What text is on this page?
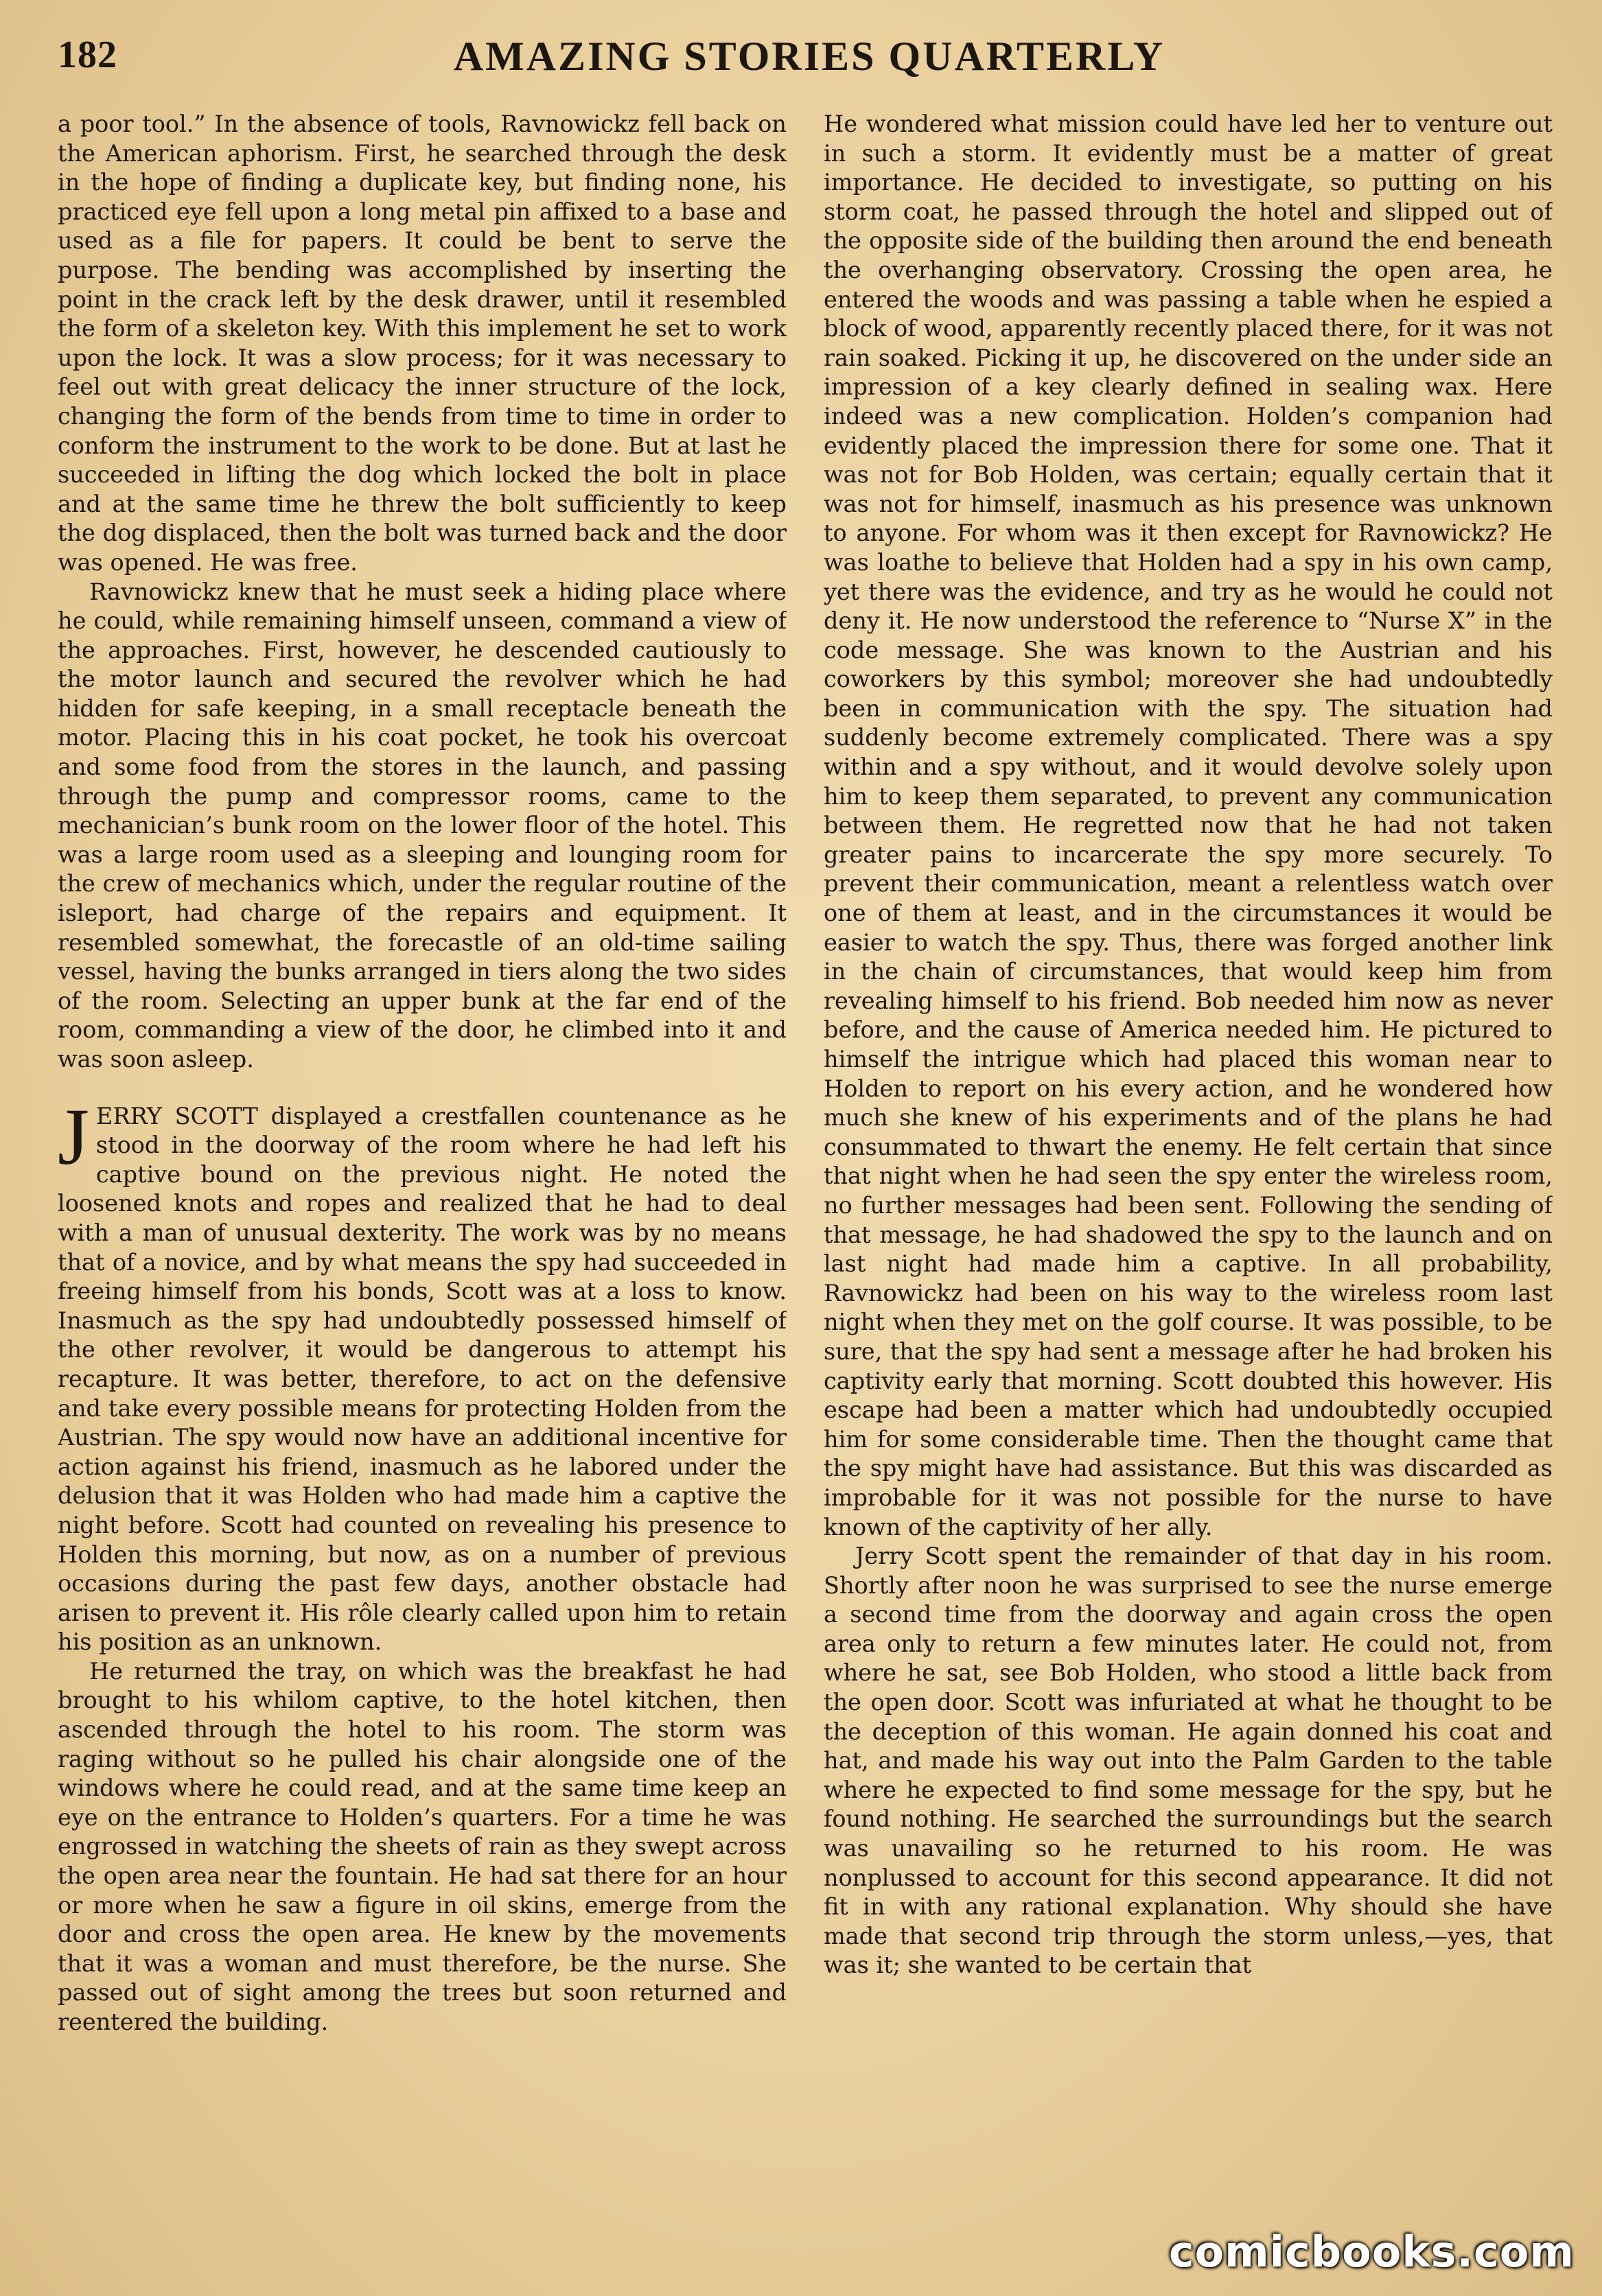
182	AMAZING STORIES QUARTERLY

a poor tool.” In the absence of tools, Ravnowickz fell back on the American aphorism. First, he searched through the desk in the hope of finding a duplicate key, but finding none, his practiced eye fell upon a long metal pin affixed to a base and used as a file for papers. It could be bent to serve the purpose. The bending was accomplished by inserting the point in the crack left by the desk drawer, until it resembled the form of a skeleton key. With this implement he set to work upon the lock. It was a slow process; for it was necessary to feel out with great delicacy the inner structure of the lock, changing the form of the bends from time to time in order to conform the instrument to the work to be done. But at last he succeeded in lifting the dog which locked the bolt in place and at the same time he threw the bolt sufficiently to keep the dog displaced, then the bolt was turned back and the door was opened. He was free.

Ravnowickz knew that he must seek a hiding place where he could, while remaining himself unseen, command a view of the approaches. First, however, he descended cautiously to the motor launch and secured the revolver which he had hidden for safe keeping, in a small receptacle beneath the motor. Placing this in his coat pocket, he took his overcoat and some food from the stores in the launch, and passing through the pump and compressor rooms, came to the mechanician’s bunk room on the lower floor of the hotel. This was a large room used as a sleeping and lounging room for the crew of mechanics which, under the regular routine of the isleport, had charge of the repairs and equipment. It resembled somewhat, the forecastle of an old-time sailing vessel, having the bunks arranged in tiers along the two sides of the room. Selecting an upper bunk at the far end of the room, commanding a view of the door, he climbed into it and was soon asleep.

JERRY SCOTT displayed a crestfallen countenance as he stood in the doorway of the room where he had left his captive bound on the previous night. He noted the loosened knots and ropes and realized that he had to deal with a man of unusual dexterity. The work was by no means that of a novice, and by what means the spy had succeeded in freeing himself from his bonds, Scott was at a loss to know. Inasmuch as the spy had undoubtedly possessed himself of the other revolver, it would be dangerous to attempt his recapture. It was better, therefore, to act on the defensive and take every possible means for protecting Holden from the Austrian. The spy would now have an additional incentive for action against his friend, inasmuch as he labored under the delusion that it was Holden who had made him a captive the night before. Scott had counted on revealing his presence to Holden this morning, but now, as on a number of previous occasions during the past few days, another obstacle had arisen to prevent it. His rôle clearly called upon him to retain his position as an unknown.

He returned the tray, on which was the breakfast he had brought to his whilom captive, to the hotel kitchen, then ascended through the hotel to his room. The storm was raging without so he pulled his chair alongside one of the windows where he could read, and at the same time keep an eye on the entrance to Holden’s quarters. For a time he was engrossed in watching the sheets of rain as they swept across the open area near the fountain. He had sat there for an hour or more when he saw a figure in oil skins, emerge from the door and cross the open area. He knew by the movements that it was a woman and must therefore, be the nurse. She passed out of sight among the trees but soon returned and reentered the building.

He wondered what mission could have led her to venture out in such a storm. It evidently must be a matter of great importance. He decided to investigate, so putting on his storm coat, he passed through the hotel and slipped out of the opposite side of the building then around the end beneath the overhanging observatory. Crossing the open area, he entered the woods and was passing a table when he espied a block of wood, apparently recently placed there, for it was not rain soaked. Picking it up, he discovered on the under side an impression of a key clearly defined in sealing wax. Here indeed was a new complication. Holden’s companion had evidently placed the impression there for some one. That it was not for Bob Holden, was certain; equally certain that it was not for himself, inasmuch as his presence was unknown to anyone. For whom was it then except for Ravnowickz? He was loathe to believe that Holden had a spy in his own camp, yet there was the evidence, and try as he would he could not deny it. He now understood the reference to “Nurse X” in the code message. She was known to the Austrian and his coworkers by this symbol; moreover she had undoubtedly been in communication with the spy. The situation had suddenly become extremely complicated. There was a spy within and a spy without, and it would devolve solely upon him to keep them separated, to prevent any communication between them. He regretted now that he had not taken greater pains to incarcerate the spy more securely. To prevent their communication, meant a relentless watch over one of them at least, and in the circumstances it would be easier to watch the spy. Thus, there was forged another link in the chain of circumstances, that would keep him from revealing himself to his friend. Bob needed him now as never before, and the cause of America needed him. He pictured to himself the intrigue which had placed this woman near to Holden to report on his every action, and he wondered how much she knew of his experiments and of the plans he had consummated to thwart the enemy. He felt certain that since that night when he had seen the spy enter the wireless room, no further messages had been sent. Following the sending of that message, he had shadowed the spy to the launch and on last night had made him a captive. In all probability, Ravnowickz had been on his way to the wireless room last night when they met on the golf course. It was possible, to be sure, that the spy had sent a message after he had broken his captivity early that morning. Scott doubted this however. His escape had been a matter which had undoubtedly occupied him for some considerable time. Then the thought came that the spy might have had assistance. But this was discarded as improbable for it was not possible for the nurse to have known of the captivity of her ally.

Jerry Scott spent the remainder of that day in his room. Shortly after noon he was surprised to see the nurse emerge a second time from the doorway and again cross the open area only to return a few minutes later. He could not, from where he sat, see Bob Holden, who stood a little back from the open door. Scott was infuriated at what he thought to be the deception of this woman. He again donned his coat and hat, and made his way out into the Palm Garden to the table where he expected to find some message for the spy, but he found nothing. He searched the surroundings but the search was unavailing so he returned to his room. He was nonplussed to account for this second appearance. It did not fit in with any rational explanation. Why should she have made that second trip through the storm unless,—yes, that was it; she wanted to be certain that

comicbooks.com
